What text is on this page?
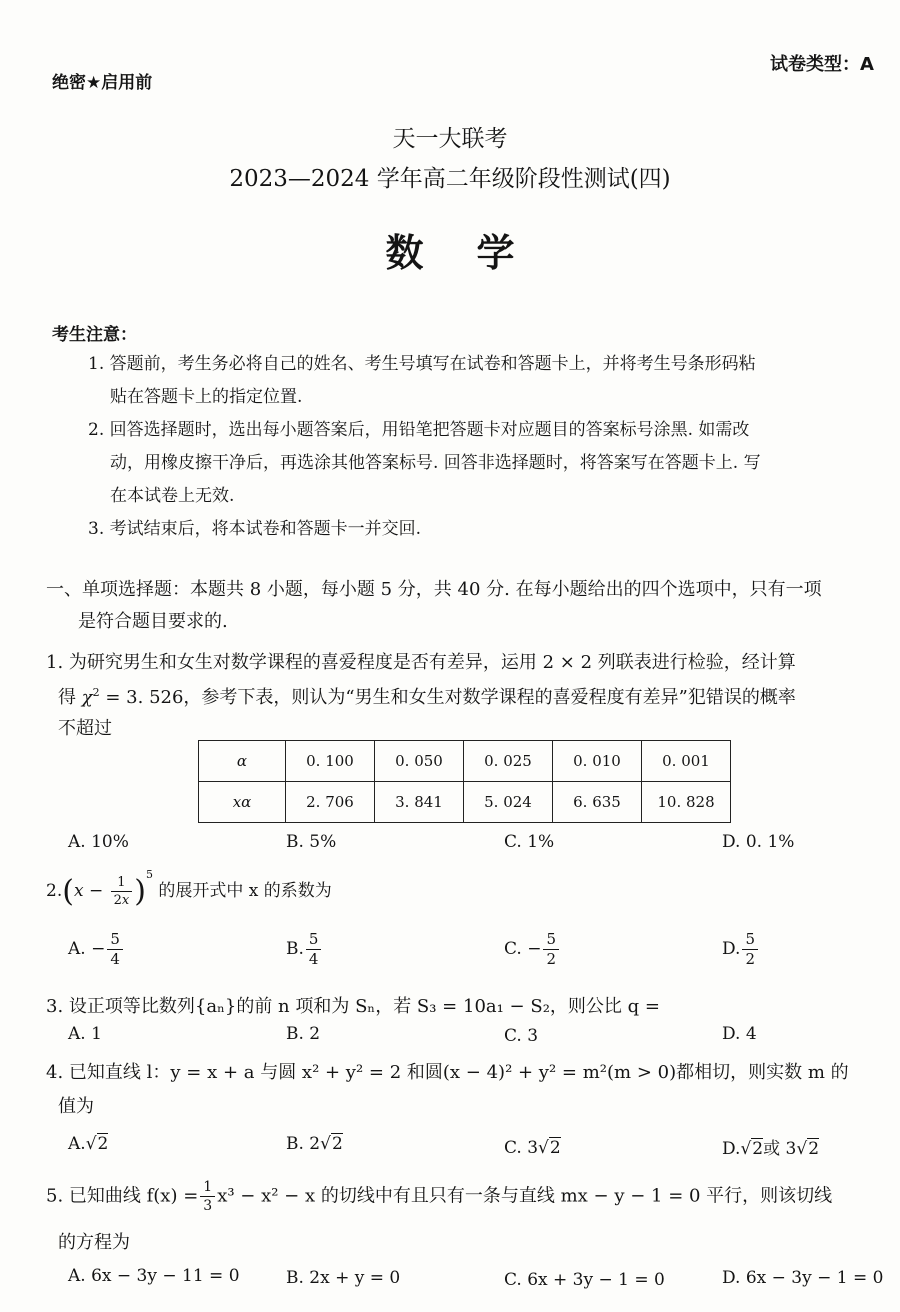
绝密★启用前
试卷类型：A
天一大联考
2023—2024 学年高二年级阶段性测试(四)
数    学
考生注意：
1. 答题前，考生务必将自己的姓名、考生号填写在试卷和答题卡上，并将考生号条形码粘
贴在答题卡上的指定位置.
2. 回答选择题时，选出每小题答案后，用铅笔把答题卡对应题目的答案标号涂黑. 如需改
动，用橡皮擦干净后，再选涂其他答案标号. 回答非选择题时，将答案写在答题卡上. 写
在本试卷上无效.
3. 考试结束后，将本试卷和答题卡一并交回.
一、单项选择题：本题共 8 小题，每小题 5 分，共 40 分. 在每小题给出的四个选项中，只有一项
是符合题目要求的.
1. 为研究男生和女生对数学课程的喜爱程度是否有差异，运用 2 × 2 列联表进行检验，经计算
得 $\chi^2 = 3$. 526，参考下表，则认为“男生和女生对数学课程的喜爱程度有差异”犯错误的概率
不超过
α	0. 100	0. 050	0. 025	0. 010	0. 001
xα	2. 706	3. 841	5. 024	6. 635	10. 828
A. 10%	B. 5%	C. 1%	D. 0. 1%
$2.(x - \frac{1}{2x} )^5$ 的展开式中 x 的系数为
A. − $\frac{5}{4}$	B. $\frac{5}{4}$	C. − $\frac{5}{2}$	D. $\frac{5}{2}$
3. 设正项等比数列{aₙ}的前 n 项和为 Sₙ，若 S₃ = 10a₁ − S₂，则公比 q =
A. 1	B. 2	C. 3	D. 4
4. 已知直线 l：y = x + a 与圆 x² + y² = 2 和圆(x − 4)² + y² = m²(m > 0)都相切，则实数 m 的
值为
A.√2	B. 2√2	C. 3√2	D.√2或 3√2
5. 已知曲线 $f(x) = \frac{1}{3} x^3 - x^2 - x$ 的切线中有且只有一条与直线 mx − y − 1 = 0 平行，则该切线
的方程为
A. 6x − 3y − 11 = 0	B. 2x + y = 0	C. 6x + 3y − 1 = 0	D. 6x − 3y − 1 = 0
